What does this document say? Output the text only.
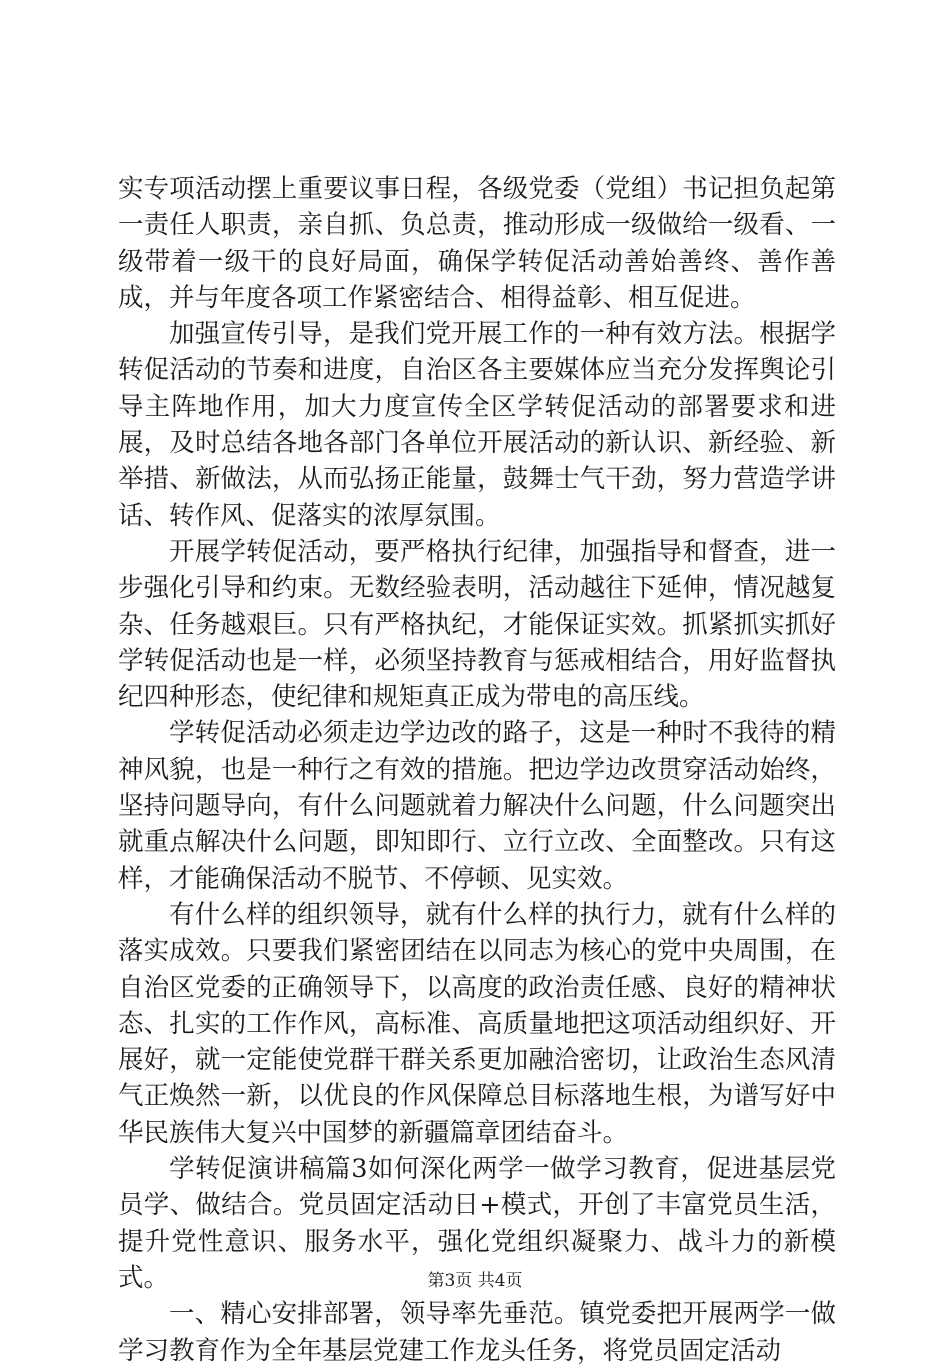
实专项活动摆上重要议事日程，各级党委（党组）书记担负起第一责任人职责，亲自抓、负总责，推动形成一级做给一级看、一级带着一级干的良好局面，确保学转促活动善始善终、善作善成，并与年度各项工作紧密结合、相得益彰、相互促进。

加强宣传引导，是我们党开展工作的一种有效方法。根据学转促活动的节奏和进度，自治区各主要媒体应当充分发挥舆论引导主阵地作用，加大力度宣传全区学转促活动的部署要求和进展，及时总结各地各部门各单位开展活动的新认识、新经验、新举措、新做法，从而弘扬正能量，鼓舞士气干劲，努力营造学讲话、转作风、促落实的浓厚氛围。

开展学转促活动，要严格执行纪律，加强指导和督查，进一步强化引导和约束。无数经验表明，活动越往下延伸，情况越复杂、任务越艰巨。只有严格执纪，才能保证实效。抓紧抓实抓好学转促活动也是一样，必须坚持教育与惩戒相结合，用好监督执纪四种形态，使纪律和规矩真正成为带电的高压线。

学转促活动必须走边学边改的路子，这是一种时不我待的精神风貌，也是一种行之有效的措施。把边学边改贯穿活动始终，坚持问题导向，有什么问题就着力解决什么问题，什么问题突出就重点解决什么问题，即知即行、立行立改、全面整改。只有这样，才能确保活动不脱节、不停顿、见实效。

有什么样的组织领导，就有什么样的执行力，就有什么样的落实成效。只要我们紧密团结在以同志为核心的党中央周围，在自治区党委的正确领导下，以高度的政治责任感、良好的精神状态、扎实的工作作风，高标准、高质量地把这项活动组织好、开展好，就一定能使党群干群关系更加融洽密切，让政治生态风清气正焕然一新，以优良的作风保障总目标落地生根，为谱写好中华民族伟大复兴中国梦的新疆篇章团结奋斗。

学转促演讲稿篇3如何深化两学一做学习教育，促进基层党员学、做结合。党员固定活动日+模式，开创了丰富党员生活，提升党性意识、服务水平，强化党组织凝聚力、战斗力的新模式。

一、精心安排部署，领导率先垂范。镇党委把开展两学一做学习教育作为全年基层党建工作龙头任务，将党员固定活动

第3页 共4页
